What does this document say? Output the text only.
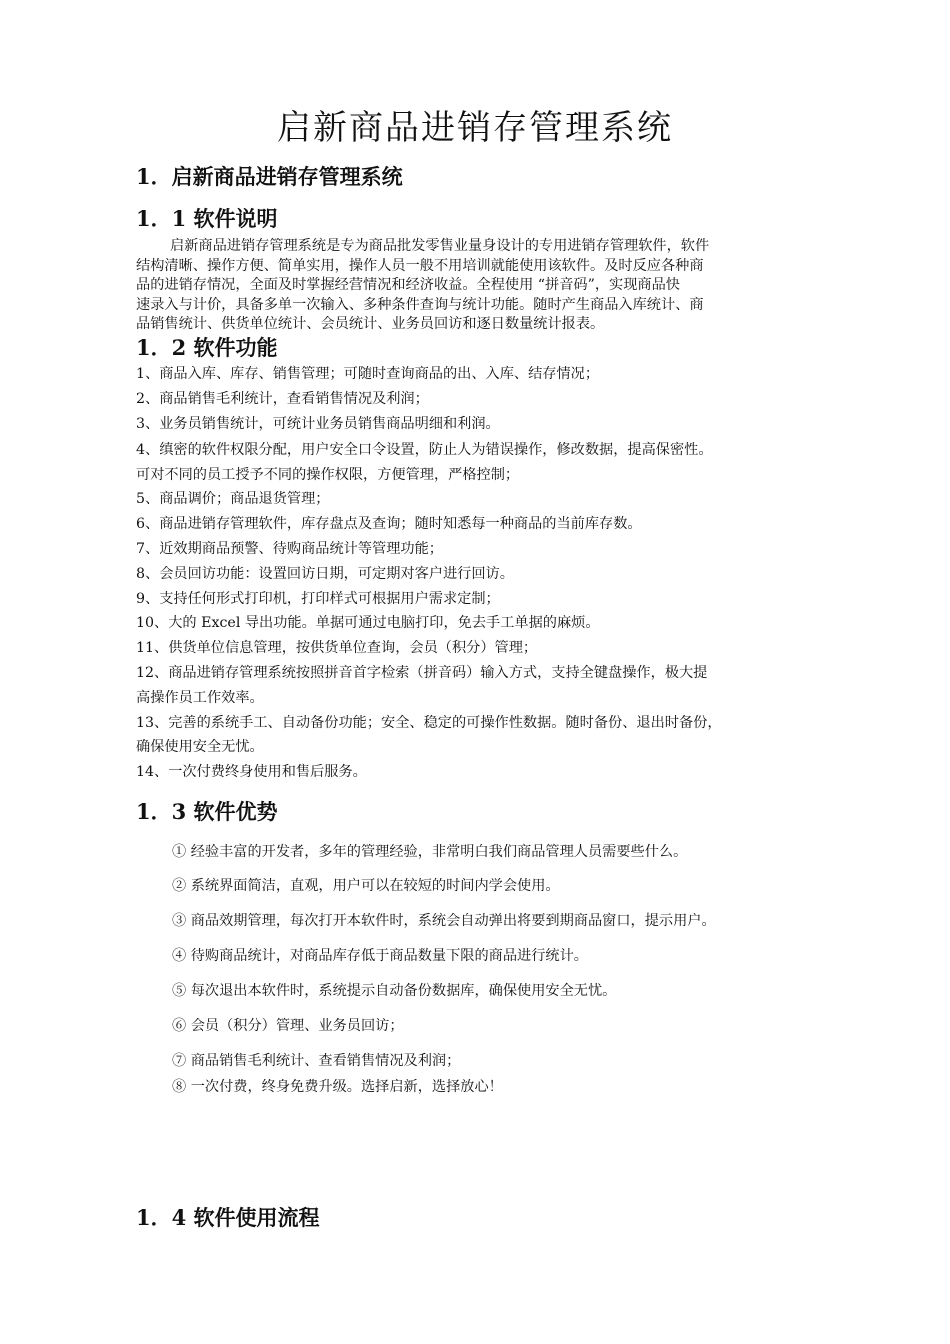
启新商品进销存管理系统
1．启新商品进销存管理系统
1．1 软件说明
启新商品进销存管理系统是专为商品批发零售业量身设计的专用进销存管理软件，软件
结构清晰、操作方便、简单实用，操作人员一般不用培训就能使用该软件。及时反应各种商
品的进销存情况，全面及时掌握经营情况和经济收益。全程使用 “拼音码”，实现商品快
速录入与计价，具备多单一次输入、多种条件查询与统计功能。随时产生商品入库统计、商
品销售统计、供货单位统计、会员统计、业务员回访和逐日数量统计报表。
1．2 软件功能

1、商品入库、库存、销售管理；可随时查询商品的出、入库、结存情况；

2、商品销售毛利统计，查看销售情况及利润；

3、业务员销售统计，可统计业务员销售商品明细和利润。

4、缜密的软件权限分配，用户安全口令设置，防止人为错误操作，修改数据，提高保密性。

可对不同的员工授予不同的操作权限，方便管理，严格控制；

5、商品调价；商品退货管理；

6、商品进销存管理软件，库存盘点及查询；随时知悉每一种商品的当前库存数。

7、近效期商品预警、待购商品统计等管理功能；

8、会员回访功能：设置回访日期，可定期对客户进行回访。

9、支持任何形式打印机，打印样式可根据用户需求定制；

10、大的 Excel 导出功能。单据可通过电脑打印，免去手工单据的麻烦。

11、供货单位信息管理，按供货单位查询，会员（积分）管理；

12、商品进销存管理系统按照拼音首字检索（拼音码）输入方式，支持全键盘操作，极大提

高操作员工作效率。

13、完善的系统手工、自动备份功能；安全、稳定的可操作性数据。随时备份、退出时备份，

确保使用安全无忧。

14、一次付费终身使用和售后服务。

1．3 软件优势

① 经验丰富的开发者，多年的管理经验，非常明白我们商品管理人员需要些什么。

② 系统界面简洁，直观，用户可以在较短的时间内学会使用。

③ 商品效期管理，每次打开本软件时，系统会自动弹出将要到期商品窗口，提示用户。

④ 待购商品统计，对商品库存低于商品数量下限的商品进行统计。

⑤ 每次退出本软件时，系统提示自动备份数据库，确保使用安全无忧。

⑥ 会员（积分）管理、业务员回访；

⑦ 商品销售毛利统计、查看销售情况及利润；

⑧ 一次付费，终身免费升级。选择启新，选择放心！

1．4 软件使用流程
